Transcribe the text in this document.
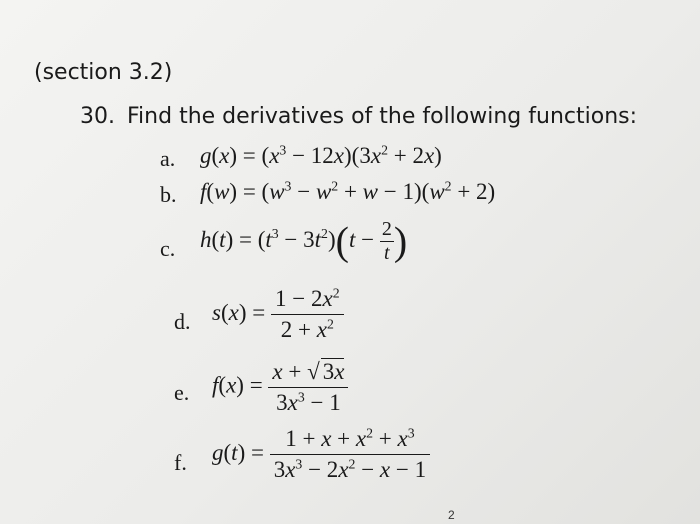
(section 3.2)
30. Find the derivatives of the following functions:
a. $g(x) = (x^3 - 12x)(3x^2 + 2x)$
b. $f(w) = (w^3 - w^2 + w - 1)(w^2 + 2)$
c. $h(t) = (t^3 - 3t^2)(t - \frac{2}{t}$ )
d. $s(x) = \frac{1 - 2x^2}{2 + x^2}$
e. $f(x) = \frac{x + √ 3x}{3x^3 - 1}$
f. $g(t) = \frac{1 + x + x^2 + x^3}{3x^3 - 2x^2 - x - 1}$
2
